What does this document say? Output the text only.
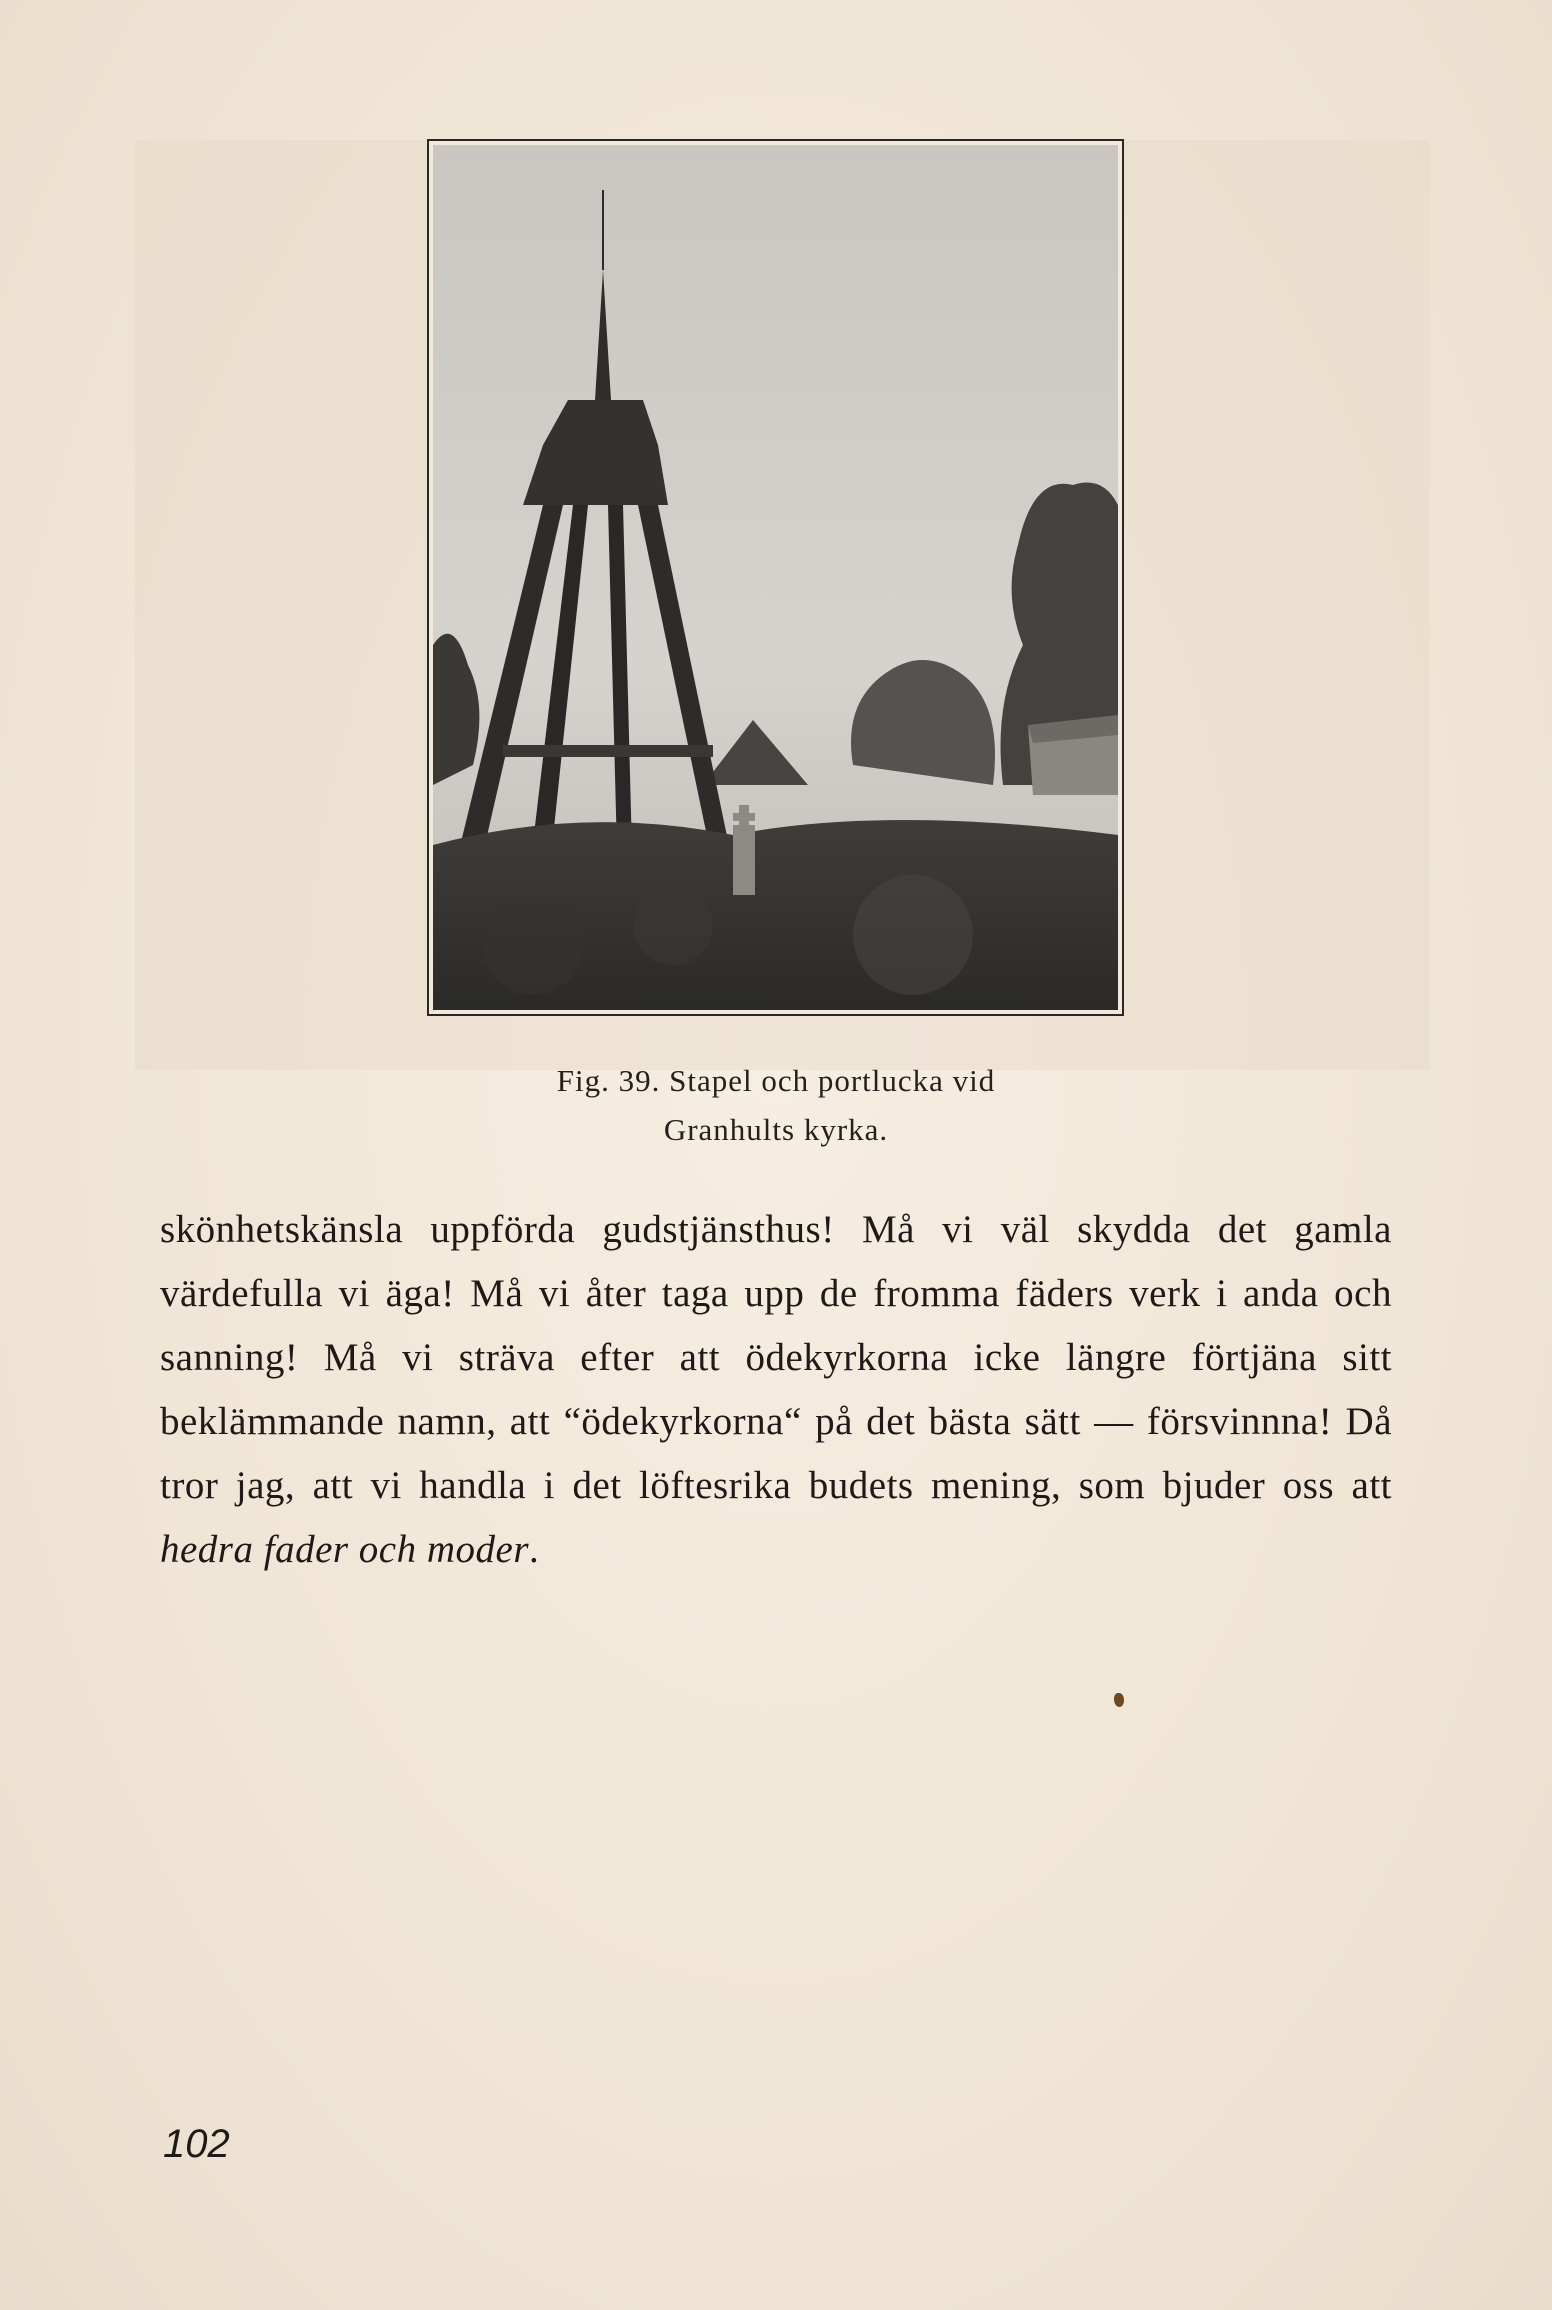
Fig. 39. Stapel och portlucka vid
Granhults kyrka.

skönhetskänsla uppförda gudstjänsthus! Må vi väl skydda det gamla värdefulla vi äga! Må vi åter taga upp de fromma fäders verk i anda och sanning! Må vi sträva efter att ödekyrkorna icke längre förtjäna sitt beklämmande namn, att “ödekyrkorna“ på det bästa sätt — försvinnna! Då tror jag, att vi handla i det löftesrika budets mening, som bjuder oss att hedra fader och moder.

102
